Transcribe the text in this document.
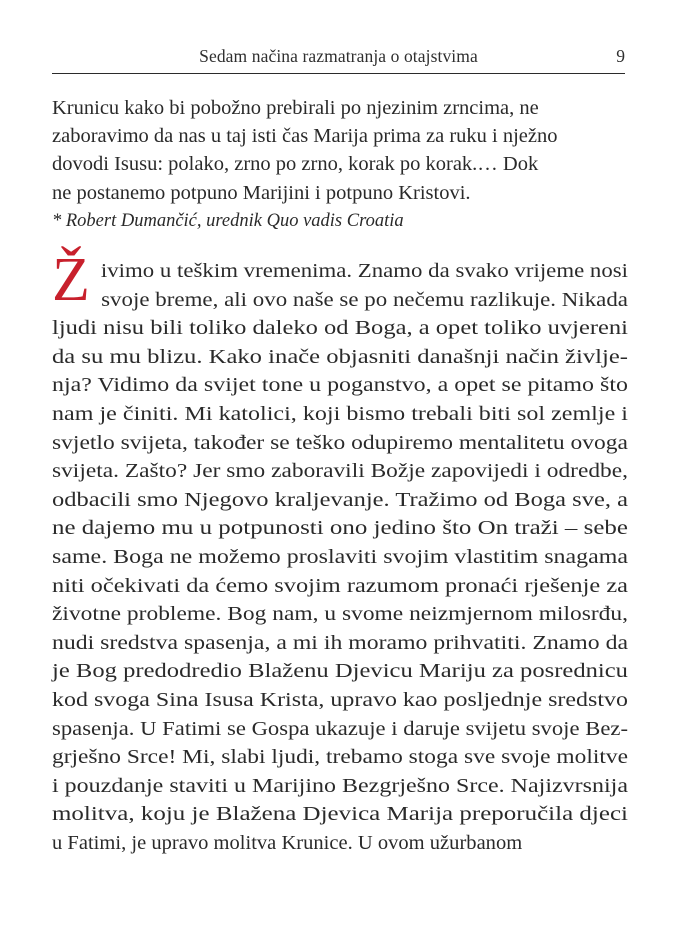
Sedam načina razmatranja o otajstvima	9
Krunicu kako bi pobožno prebirali po njezinim zrncima, ne
zaboravimo da nas u taj isti čas Marija prima za ruku i nježno
dovodi Isusu: polako, zrno po zrno, korak po korak.… Dok
ne postanemo potpuno Marijini i potpuno Kristovi.
* Robert Dumančić, urednik Quo vadis Croatia
Ž ivimo u teškim vremenima. Znamo da svako vrijeme nosi
svoje breme, ali ovo naše se po nečemu razlikuje. Nikada
ljudi nisu bili toliko daleko od Boga, a opet toliko uvjereni
da su mu blizu. Kako inače objasniti današnji način življe-
nja? Vidimo da svijet tone u poganstvo, a opet se pitamo što
nam je činiti. Mi katolici, koji bismo trebali biti sol zemlje i
svjetlo svijeta, također se teško odupiremo mentalitetu ovoga
svijeta. Zašto? Jer smo zaboravili Božje zapovijedi i odredbe,
odbacili smo Njegovo kraljevanje. Tražimo od Boga sve, a
ne dajemo mu u potpunosti ono jedino što On traži – sebe
same. Boga ne možemo proslaviti svojim vlastitim snagama
niti očekivati da ćemo svojim razumom pronaći rješenje za
životne probleme. Bog nam, u svome neizmjernom milosrđu,
nudi sredstva spasenja, a mi ih moramo prihvatiti. Znamo da
je Bog predodredio Blaženu Djevicu Mariju za posrednicu
kod svoga Sina Isusa Krista, upravo kao posljednje sredstvo
spasenja. U Fatimi se Gospa ukazuje i daruje svijetu svoje Bez-
grješno Srce! Mi, slabi ljudi, trebamo stoga sve svoje molitve
i pouzdanje staviti u Marijino Bezgrješno Srce. Najizvrsnija
molitva, koju je Blažena Djevica Marija preporučila djeci
u Fatimi, je upravo molitva Krunice. U ovom užurbanom
